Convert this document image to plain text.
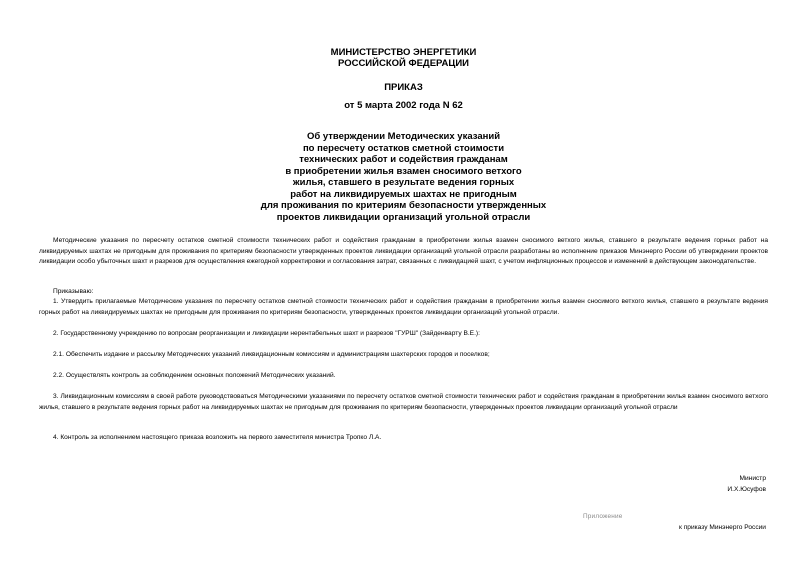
МИНИСТЕРСТВО ЭНЕРГЕТИКИ
РОССИЙСКОЙ ФЕДЕРАЦИИ
ПРИКАЗ
от 5 марта 2002 года N 62
Об утверждении Методических указаний
по пересчету остатков сметной стоимости
технических работ и содействия гражданам
в приобретении жилья взамен сносимого ветхого
жилья, ставшего в результате ведения горных
работ на ликвидируемых шахтах не пригодным
для проживания по критериям безопасности утвержденных
проектов ликвидации организаций угольной отрасли
Методические указания по пересчету остатков сметной стоимости технических работ и содействия гражданам в приобретении жилья взамен сносимого ветхого жилья, ставшего в результате ведения горных работ на ликвидируемых шахтах не пригодным для проживания по критериям безопасности утвержденных проектов ликвидации организаций угольной отрасли разработаны во исполнение приказов Минэнерго России об утверждении проектов ликвидации особо убыточных шахт и разрезов для осуществления ежегодной корректировки и согласования затрат, связанных с ликвидацией шахт, с учетом инфляционных процессов и изменений в действующем законодательстве.
Приказываю:
1. Утвердить прилагаемые Методические указания по пересчету остатков сметной стоимости технических работ и содействия гражданам в приобретении жилья взамен сносимого ветхого жилья, ставшего в результате ведения горных работ на ликвидируемых шахтах не пригодным для проживания по критериям безопасности, утвержденных проектов ликвидации организаций угольной отрасли.
2. Государственному учреждению по вопросам реорганизации и ликвидации нерентабельных шахт и разрезов "ГУРШ" (Зайденварту В.Е.):
2.1. Обеспечить издание и рассылку Методических указаний ликвидационным комиссиям и администрациям шахтерских городов и поселков;
2.2. Осуществлять контроль за соблюдением основных положений Методических указаний.
3. Ликвидационным комиссиям в своей работе руководствоваться Методическими указаниями по пересчету остатков сметной стоимости технических работ и содействия гражданам в приобретении жилья взамен сносимого ветхого жилья, ставшего в результате ведения горных работ на ликвидируемых шахтах не пригодным для проживания по критериям безопасности, утвержденных проектов ликвидации организаций угольной отрасли
4. Контроль за исполнением настоящего приказа возложить на первого заместителя министра Тропко Л.А.
Министр
И.Х.Юсуфов
Приложение
к приказу Минэнерго России
